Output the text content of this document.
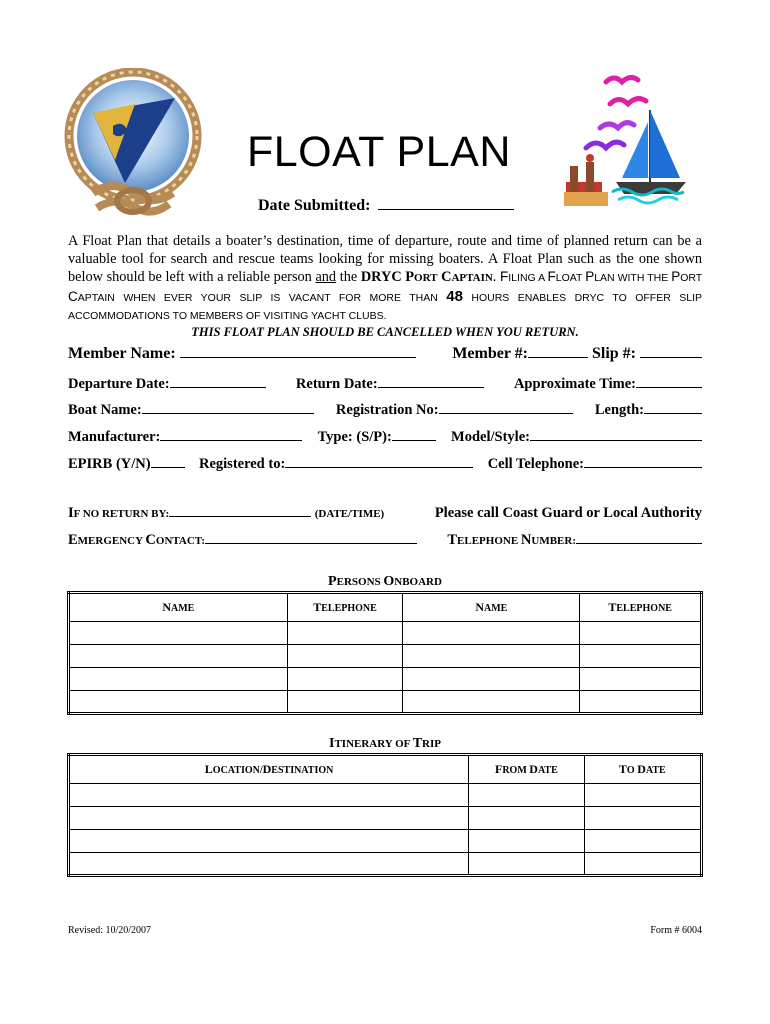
FLOAT PLAN
Date Submitted:
A Float Plan that details a boater’s destination, time of departure, route and time of planned return can be a valuable tool for search and rescue teams looking for missing boaters. A Float Plan such as the one shown below should be left with a reliable person and the DRYC PORT CAPTAIN. FILING A FLOAT PLAN WITH THE PORT CAPTAIN WHEN EVER YOUR SLIP IS VACANT FOR MORE THAN 48 HOURS ENABLES DRYC TO OFFER SLIP ACCOMMODATIONS TO MEMBERS OF VISITING YACHT CLUBS.
THIS FLOAT PLAN SHOULD BE CANCELLED WHEN YOU RETURN.
Member Name:	Member #:	Slip #:
Departure Date:	Return Date:	Approximate Time:
Boat Name:	Registration No:	Length:
Manufacturer:	Type: (S/P):	Model/Style:
EPIRB (Y/N)	Registered to:	Cell Telephone:
IF NO RETURN BY:	(DATE/TIME)	Please call Coast Guard or Local Authority
EMERGENCY CONTACT:	TELEPHONE NUMBER:
PERSONS ONBOARD
NAME	TELEPHONE	NAME	TELEPHONE

ITINERARY OF TRIP
LOCATION/DESTINATION	FROM DATE	TO DATE

Revised: 10/20/2007	Form # 6004
